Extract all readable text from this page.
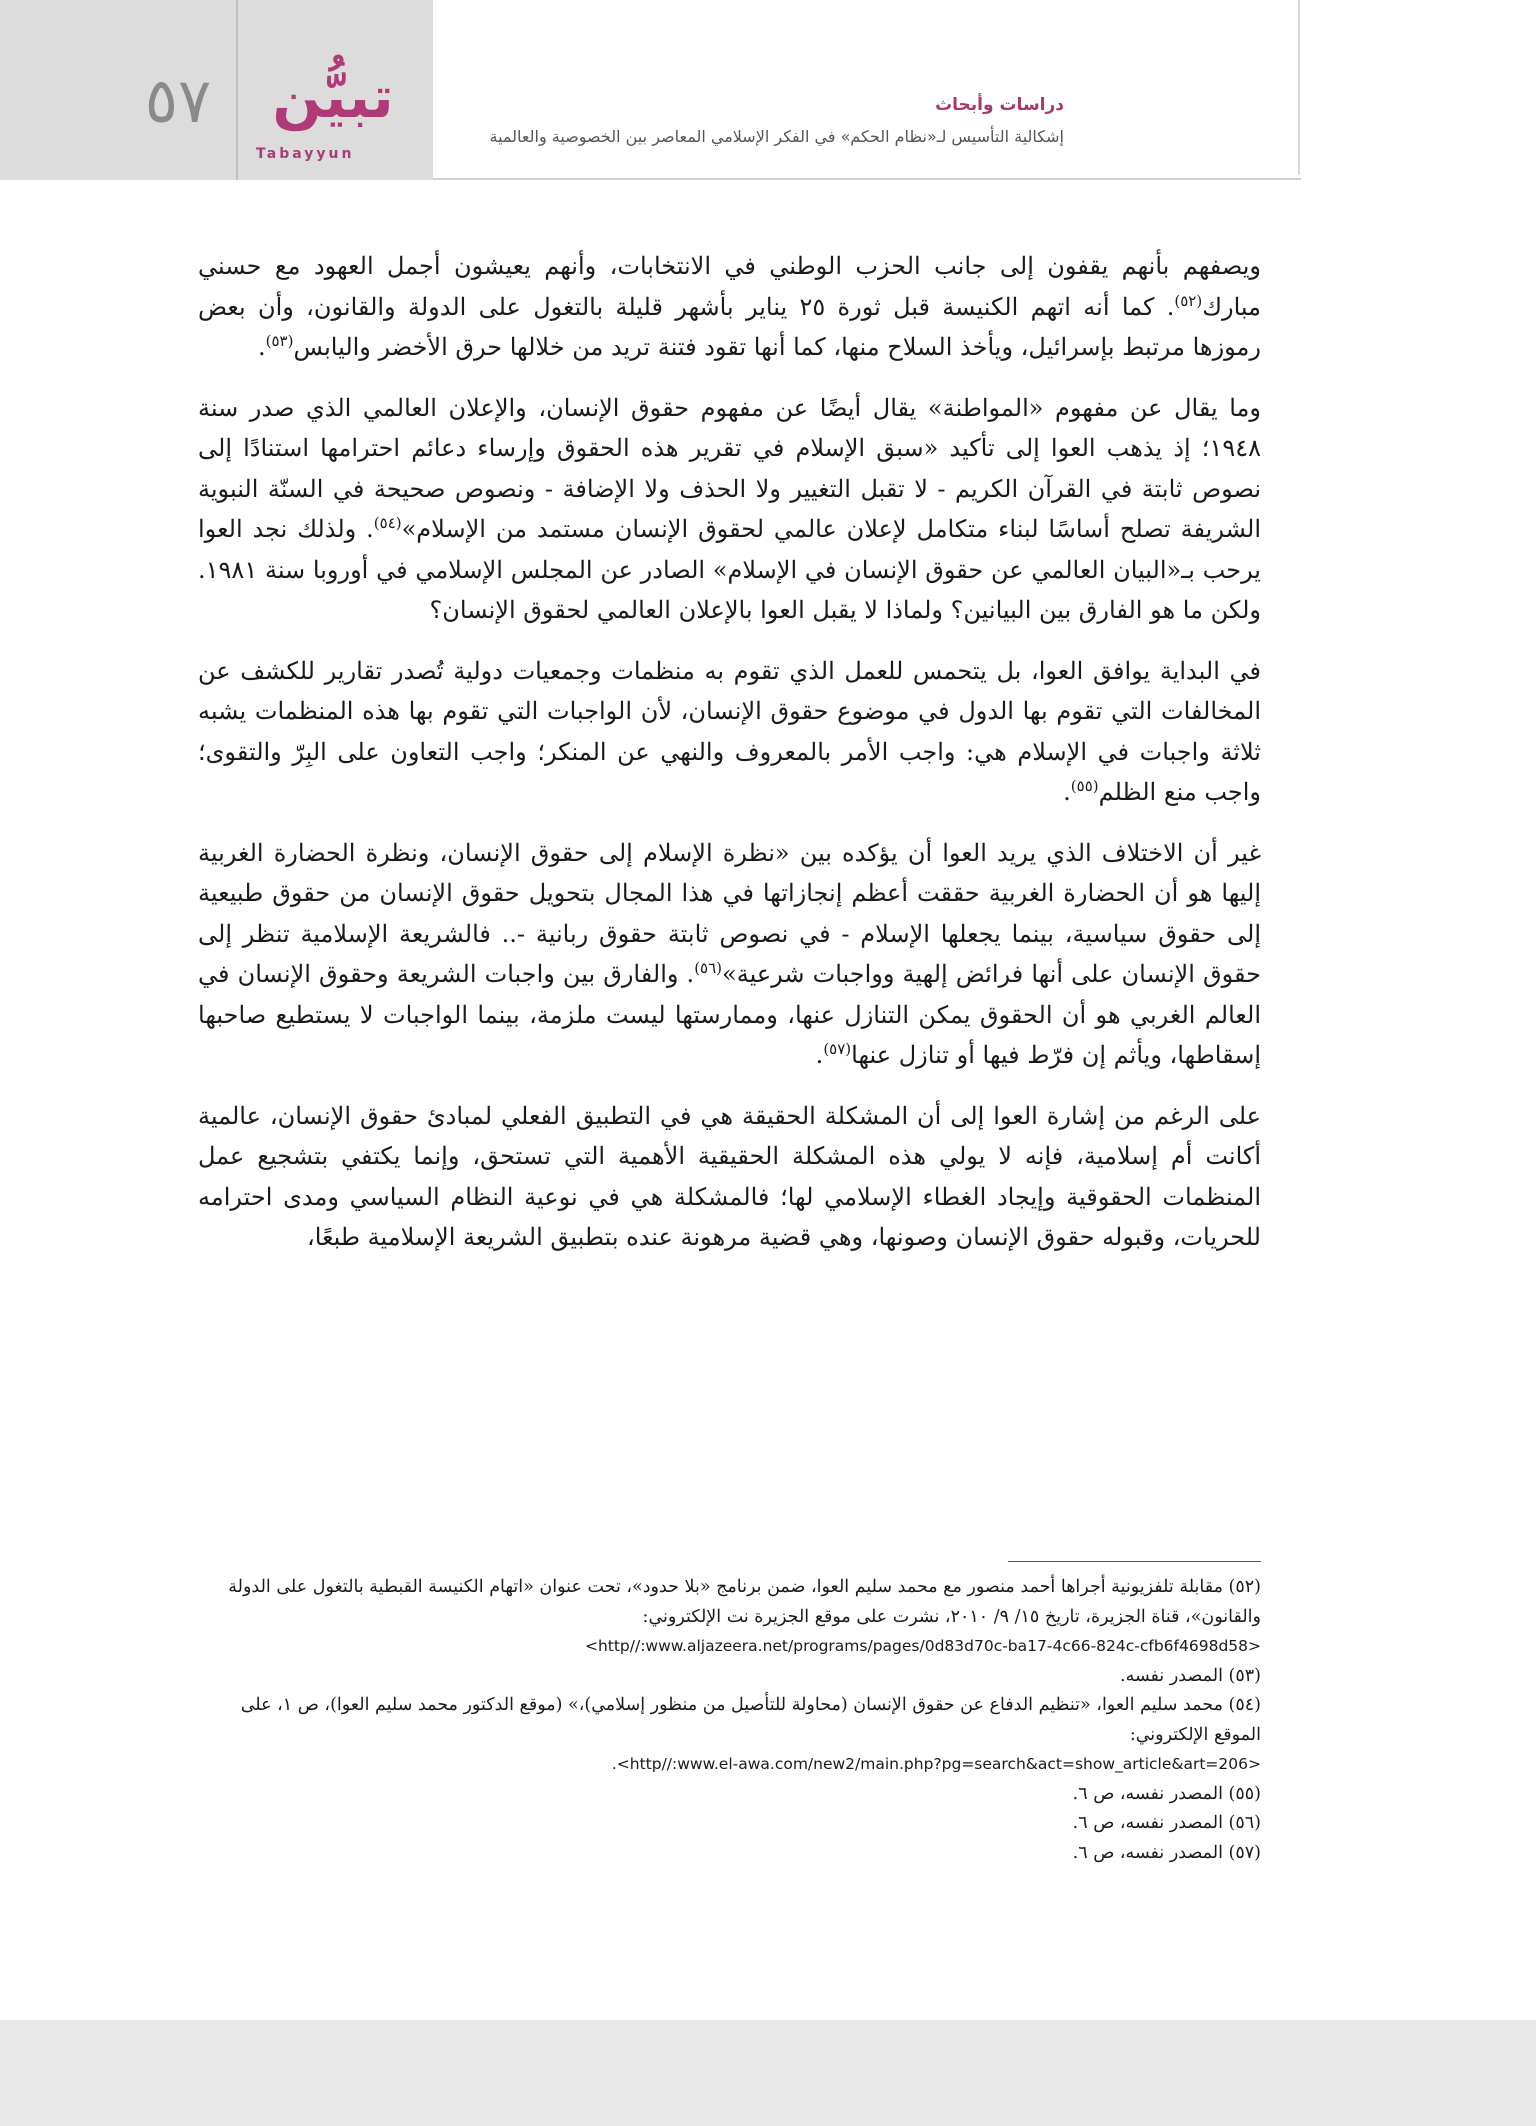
٥٧ تبيُّن
Tabayyun
دراسات وأبحاث
إشكالية التأسيس لـ«نظام الحكم» في الفكر الإسلامي المعاصر بين الخصوصية والعالمية

ويصفهم بأنهم يقفون إلى جانب الحزب الوطني في الانتخابات، وأنهم يعيشون أجمل العهود مع حسني مبارك$^{(٥٢)}$. كما أنه اتهم الكنيسة قبل ثورة ٢٥ يناير بأشهر قليلة بالتغول على الدولة والقانون، وأن بعض رموزها مرتبط بإسرائيل، ويأخذ السلاح منها، كما أنها تقود فتنة تريد من خلالها حرق الأخضر واليابس$^{(٥٣)}$.

وما يقال عن مفهوم «المواطنة» يقال أيضًا عن مفهوم حقوق الإنسان، والإعلان العالمي الذي صدر سنة ١٩٤٨؛ إذ يذهب العوا إلى تأكيد «سبق الإسلام في تقرير هذه الحقوق وإرساء دعائم احترامها استنادًا إلى نصوص ثابتة في القرآن الكريم - لا تقبل التغيير ولا الحذف ولا الإضافة - ونصوص صحيحة في السنّة النبوية الشريفة تصلح أساسًا لبناء متكامل لإعلان عالمي لحقوق الإنسان مستمد من الإسلام»$^{(٥٤)}$. ولذلك نجد العوا يرحب بـ«البيان العالمي عن حقوق الإنسان في الإسلام» الصادر عن المجلس الإسلامي في أوروبا سنة ١٩٨١. ولكن ما هو الفارق بين البيانين؟ ولماذا لا يقبل العوا بالإعلان العالمي لحقوق الإنسان؟

في البداية يوافق العوا، بل يتحمس للعمل الذي تقوم به منظمات وجمعيات دولية تُصدر تقارير للكشف عن المخالفات التي تقوم بها الدول في موضوع حقوق الإنسان، لأن الواجبات التي تقوم بها هذه المنظمات يشبه ثلاثة واجبات في الإسلام هي: واجب الأمر بالمعروف والنهي عن المنكر؛ واجب التعاون على البِرّ والتقوى؛ واجب منع الظلم$^{(٥٥)}$.

غير أن الاختلاف الذي يريد العوا أن يؤكده بين «نظرة الإسلام إلى حقوق الإنسان، ونظرة الحضارة الغربية إليها هو أن الحضارة الغربية حققت أعظم إنجازاتها في هذا المجال بتحويل حقوق الإنسان من حقوق طبيعية إلى حقوق سياسية، بينما يجعلها الإسلام - في نصوص ثابتة حقوق ربانية -.. فالشريعة الإسلامية تنظر إلى حقوق الإنسان على أنها فرائض إلهية وواجبات شرعية»$^{(٥٦)}$. والفارق بين واجبات الشريعة وحقوق الإنسان في العالم الغربي هو أن الحقوق يمكن التنازل عنها، وممارستها ليست ملزمة، بينما الواجبات لا يستطيع صاحبها إسقاطها، ويأثم إن فرّط فيها أو تنازل عنها$^{(٥٧)}$.

على الرغم من إشارة العوا إلى أن المشكلة الحقيقة هي في التطبيق الفعلي لمبادئ حقوق الإنسان، عالمية أكانت أم إسلامية، فإنه لا يولي هذه المشكلة الحقيقية الأهمية التي تستحق، وإنما يكتفي بتشجيع عمل المنظمات الحقوقية وإيجاد الغطاء الإسلامي لها؛ فالمشكلة هي في نوعية النظام السياسي ومدى احترامه للحريات، وقبوله حقوق الإنسان وصونها، وهي قضية مرهونة عنده بتطبيق الشريعة الإسلامية طبعًا،

(٥٢) مقابلة تلفزيونية أجراها أحمد منصور مع محمد سليم العوا، ضمن برنامج «بلا حدود»، تحت عنوان «اتهام الكنيسة القبطية بالتغول على الدولة والقانون»، قناة الجزيرة، تاريخ ١٥/ ٩/ ٢٠١٠، نشرت على موقع الجزيرة نت الإلكتروني:

<http//:www.aljazeera.net/programs/pages/0d83d70c-ba17-4c66-824c-cfb6f4698d58>

(٥٣) المصدر نفسه.

(٥٤) محمد سليم العوا، «تنظيم الدفاع عن حقوق الإنسان (محاولة للتأصيل من منظور إسلامي)،» (موقع الدكتور محمد سليم العوا)، ص ١، على الموقع الإلكتروني:

.<http//:www.el-awa.com/new2/main.php?pg=search&act=show_article&art=206>

(٥٥) المصدر نفسه، ص ٦.

(٥٦) المصدر نفسه، ص ٦.

(٥٧) المصدر نفسه، ص ٦.
